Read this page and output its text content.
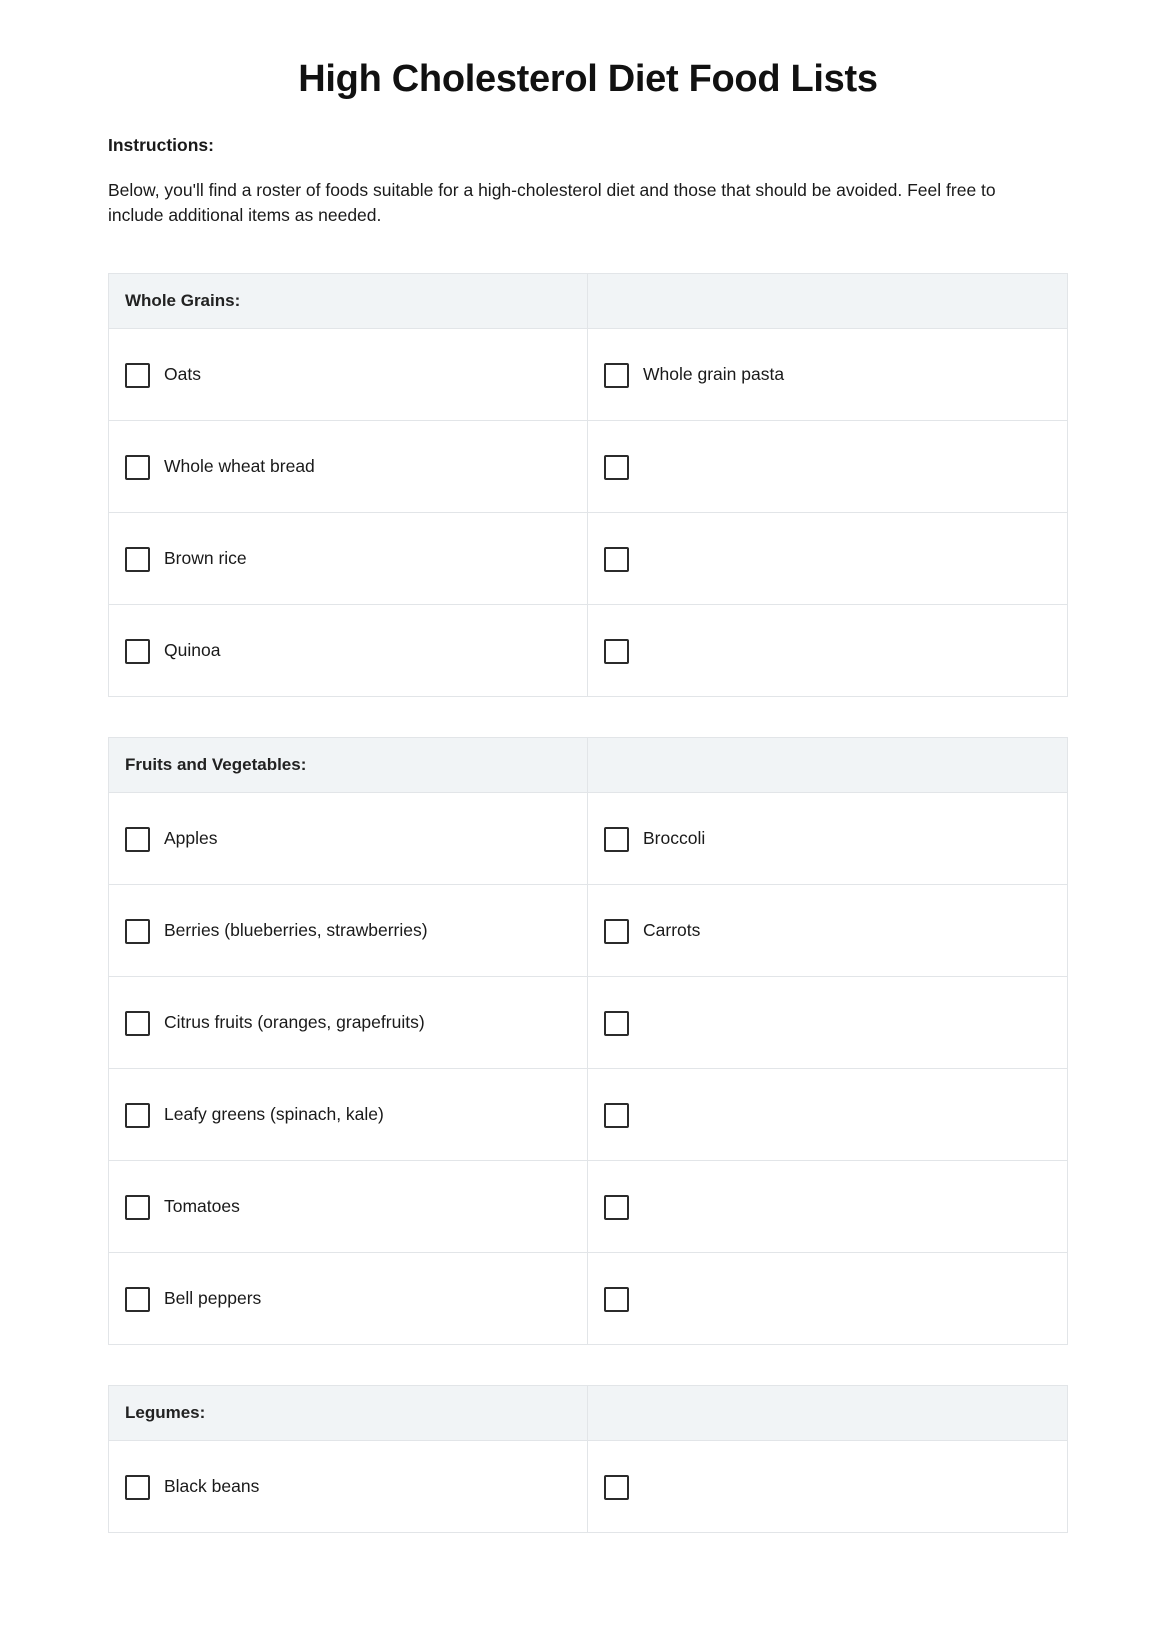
High Cholesterol Diet Food Lists
Instructions:

Below, you'll find a roster of foods suitable for a high-cholesterol diet and those that should be avoided. Feel free to include additional items as needed.

Whole Grains:
Oats	Whole grain pasta
Whole wheat bread
Brown rice
Quinoa
Fruits and Vegetables:
Apples	Broccoli
Berries (blueberries, strawberries)	Carrots
Citrus fruits (oranges, grapefruits)
Leafy greens (spinach, kale)
Tomatoes
Bell peppers
Legumes:
Black beans
